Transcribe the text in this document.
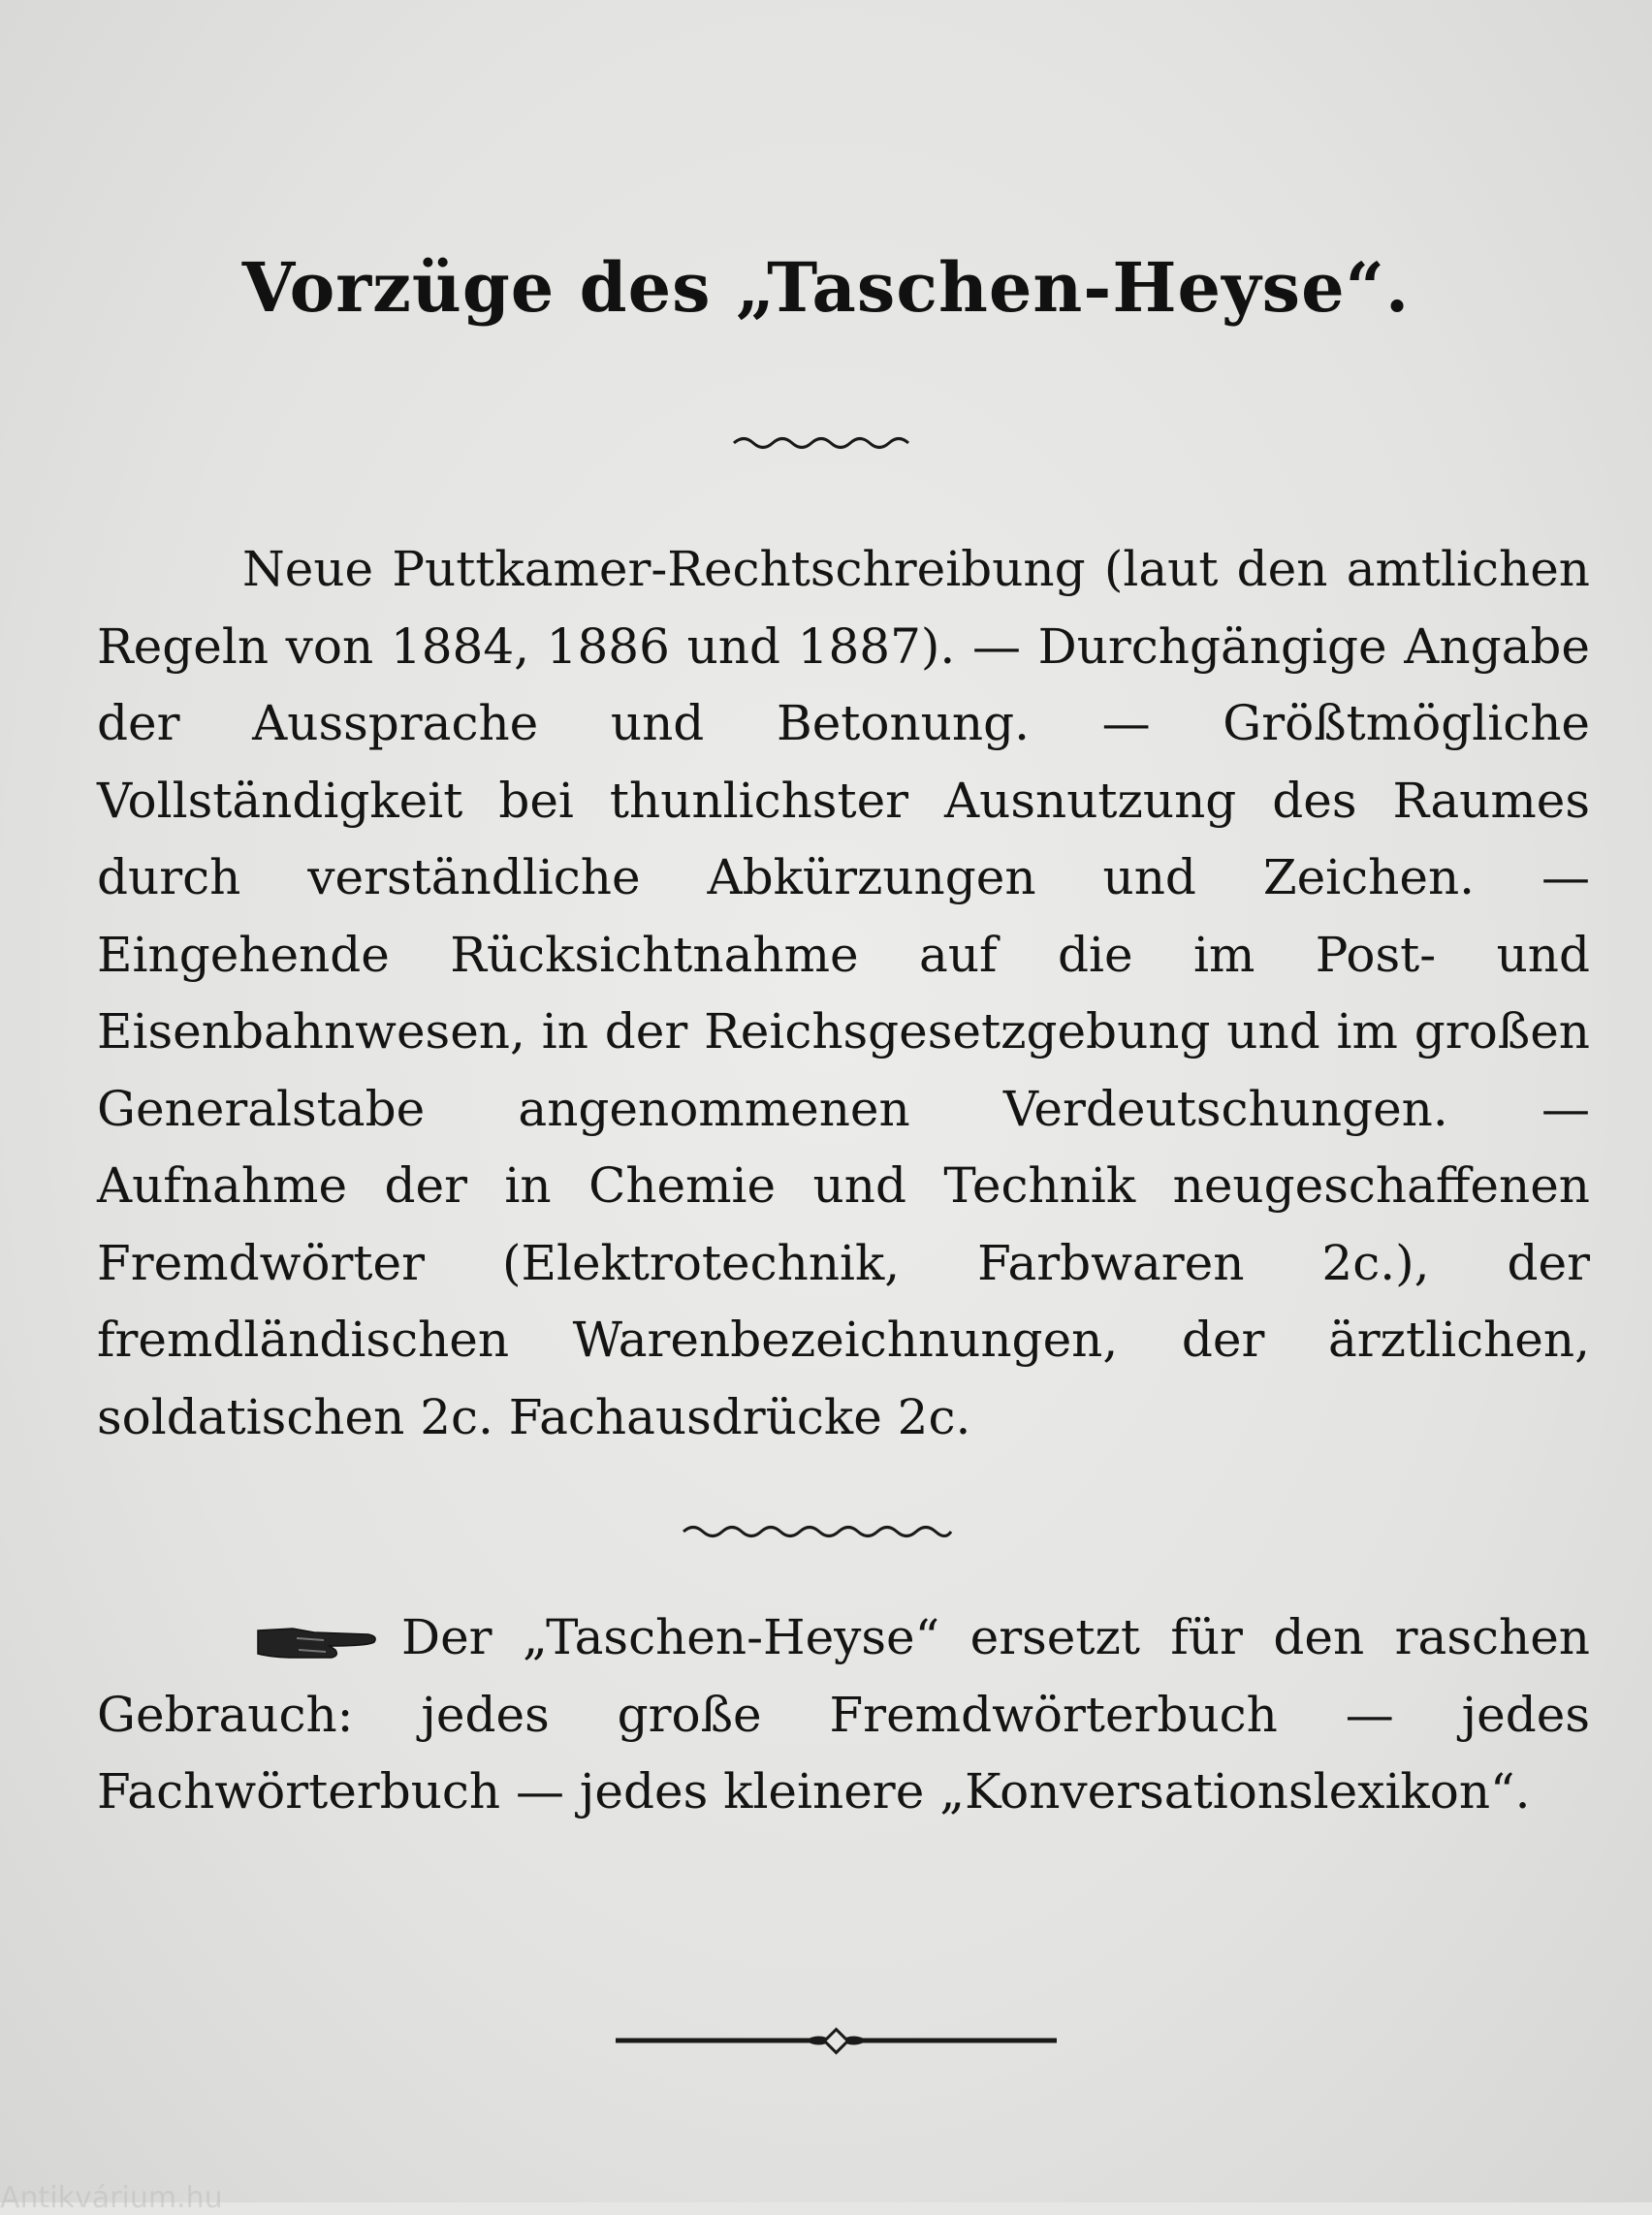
Vorzüge des „Taschen-Heyse“.
Neue Puttkamer-Rechtschreibung (laut den amtlichen Regeln von 1884, 1886 und 1887). — Durchgängige Angabe der Aussprache und Betonung. — Größtmögliche Vollständigkeit bei thunlichster Ausnutzung des Raumes durch verständliche Abkürzungen und Zeichen. — Eingehende Rücksichtnahme auf die im Post- und Eisenbahnwesen, in der Reichsgesetzgebung und im großen Generalstabe angenommenen Verdeutschungen. — Aufnahme der in Chemie und Technik neugeschaffenen Fremdwörter (Elektrotechnik, Farbwaren 2c.), der fremdländischen Warenbezeichnungen, der ärztlichen, soldatischen 2c. Fachausdrücke 2c.
Der „Taschen-Heyse“ ersetzt für den raschen Gebrauch: jedes große Fremdwörterbuch — jedes Fachwörterbuch — jedes kleinere „Konversationslexikon“.
Antikvárium.hu
